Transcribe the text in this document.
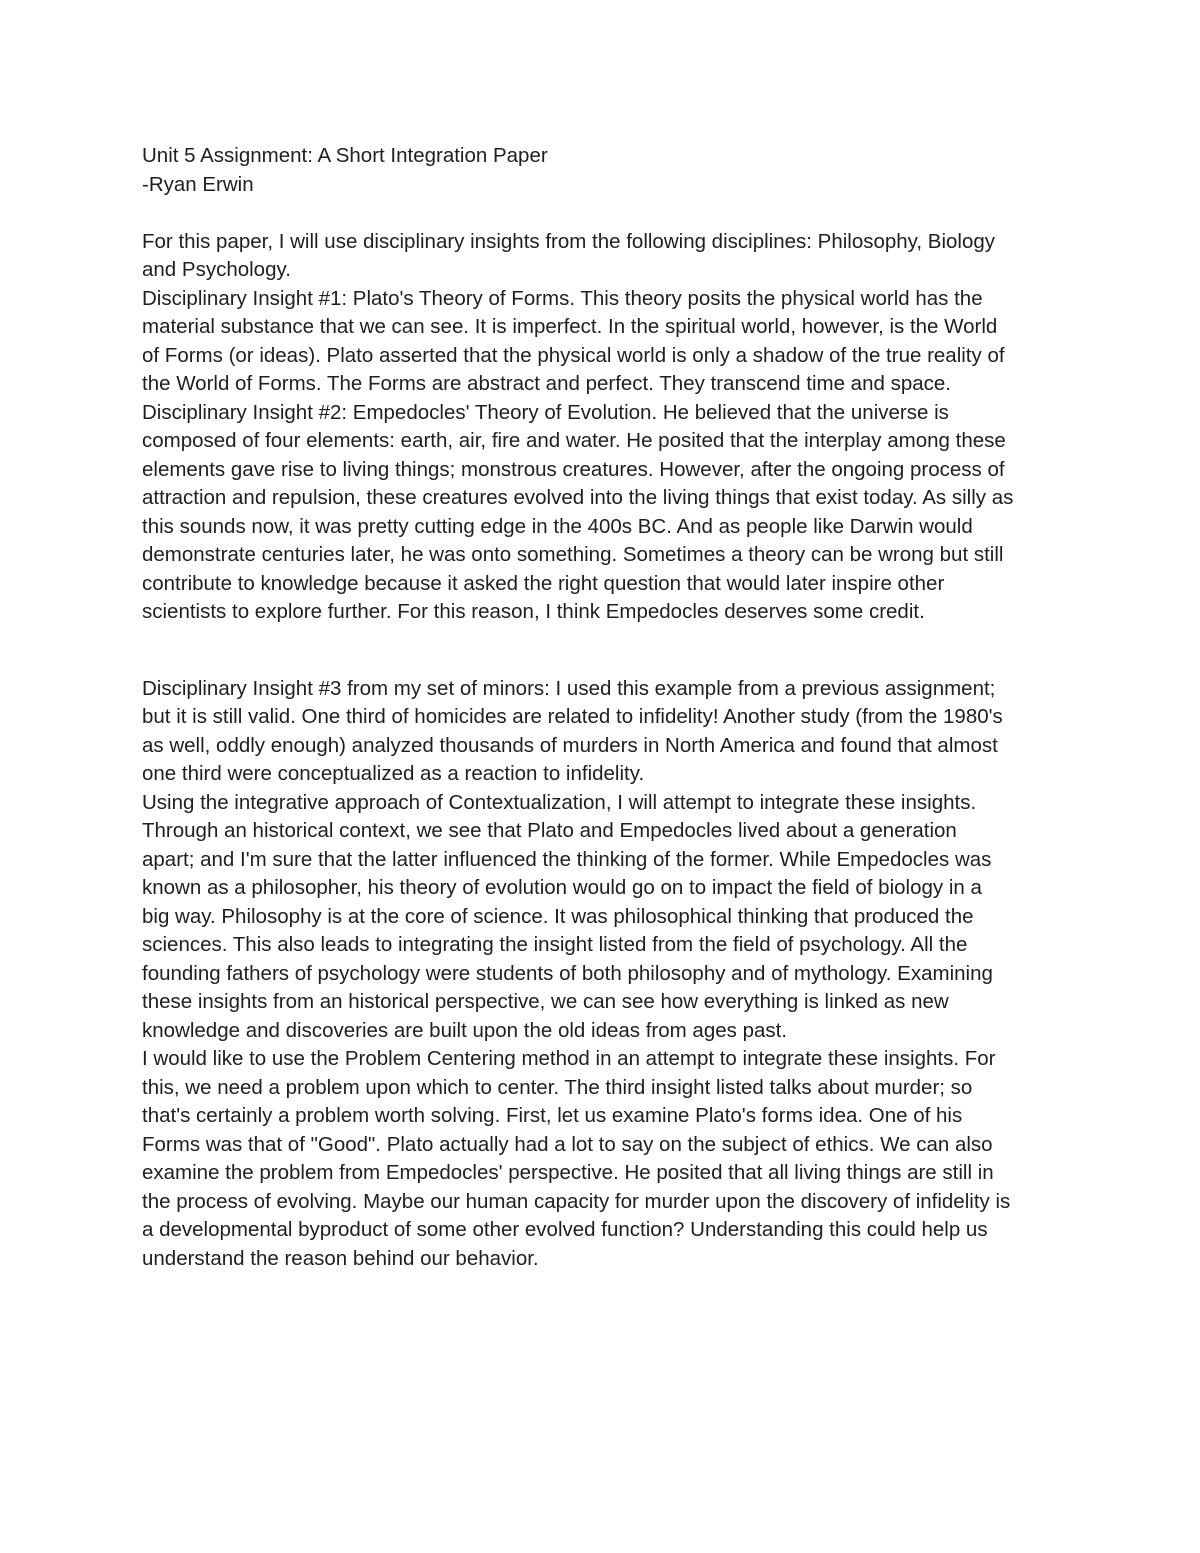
Unit 5 Assignment: A Short Integration Paper
-Ryan Erwin
For this paper, I will use disciplinary insights from the following disciplines: Philosophy, Biology
and Psychology.
Disciplinary Insight #1: Plato's Theory of Forms. This theory posits the physical world has the
material substance that we can see. It is imperfect. In the spiritual world, however, is the World
of Forms (or ideas). Plato asserted that the physical world is only a shadow of the true reality of
the World of Forms. The Forms are abstract and perfect. They transcend time and space.
Disciplinary Insight #2: Empedocles' Theory of Evolution. He believed that the universe is
composed of four elements: earth, air, fire and water. He posited that the interplay among these
elements gave rise to living things; monstrous creatures. However, after the ongoing process of
attraction and repulsion, these creatures evolved into the living things that exist today. As silly as
this sounds now, it was pretty cutting edge in the 400s BC. And as people like Darwin would
demonstrate centuries later, he was onto something. Sometimes a theory can be wrong but still
contribute to knowledge because it asked the right question that would later inspire other
scientists to explore further. For this reason, I think Empedocles deserves some credit.
Disciplinary Insight #3 from my set of minors: I used this example from a previous assignment;
but it is still valid. One third of homicides are related to infidelity! Another study (from the 1980's
as well, oddly enough) analyzed thousands of murders in North America and found that almost
one third were conceptualized as a reaction to infidelity.
Using the integrative approach of Contextualization, I will attempt to integrate these insights.
Through an historical context, we see that Plato and Empedocles lived about a generation
apart; and I'm sure that the latter influenced the thinking of the former. While Empedocles was
known as a philosopher, his theory of evolution would go on to impact the field of biology in a
big way. Philosophy is at the core of science. It was philosophical thinking that produced the
sciences. This also leads to integrating the insight listed from the field of psychology. All the
founding fathers of psychology were students of both philosophy and of mythology. Examining
these insights from an historical perspective, we can see how everything is linked as new
knowledge and discoveries are built upon the old ideas from ages past.
I would like to use the Problem Centering method in an attempt to integrate these insights. For
this, we need a problem upon which to center. The third insight listed talks about murder; so
that's certainly a problem worth solving. First, let us examine Plato's forms idea. One of his
Forms was that of "Good". Plato actually had a lot to say on the subject of ethics. We can also
examine the problem from Empedocles' perspective. He posited that all living things are still in
the process of evolving. Maybe our human capacity for murder upon the discovery of infidelity is
a developmental byproduct of some other evolved function? Understanding this could help us
understand the reason behind our behavior.
